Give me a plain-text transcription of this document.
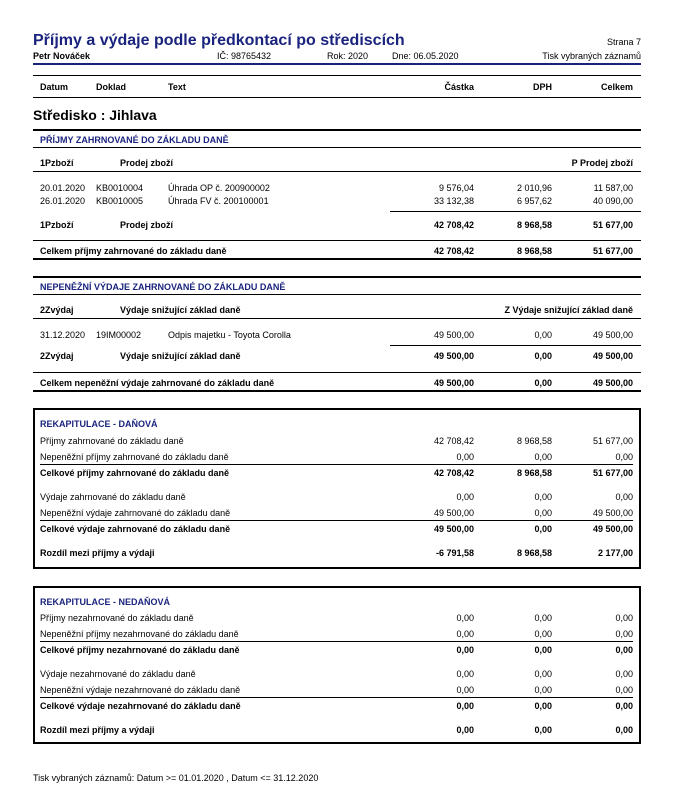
Příjmy a výdaje podle předkontací po střediscích	Strana 7
Petr Nováček	IČ: 98765432	Rok: 2020	Dne: 06.05.2020	Tisk vybraných záznamů
Datum	Doklad	Text	Částka	DPH	Celkem
Středisko : Jihlava
PŘÍJMY ZAHRNOVANÉ DO ZÁKLADU DANĚ
1Pzboží	Prodej zboží	P Prodej zboží
20.01.2020 KB0010004	Úhrada OP č. 200900002	9 576,04	2 010,96	11 587,00
26.01.2020 KB0010005	Úhrada FV č. 200100001	33 132,38	6 957,62	40 090,00
1Pzboží	Prodej zboží	42 708,42	8 968,58	51 677,00
Celkem příjmy zahrnované do základu daně	42 708,42	8 968,58	51 677,00
NEPENĚŽNÍ VÝDAJE ZAHRNOVANÉ DO ZÁKLADU DANĚ
2Zvýdaj	Výdaje snižující základ daně	Z Výdaje snižující základ daně
31.12.2020 19IM00002	Odpis majetku - Toyota Corolla	49 500,00	0,00	49 500,00
2Zvýdaj	Výdaje snižující základ daně	49 500,00	0,00	49 500,00
Celkem nepeněžní výdaje zahrnované do základu daně	49 500,00	0,00	49 500,00
REKAPITULACE - DAŇOVÁ
Příjmy zahrnované do základu daně	42 708,42	8 968,58	51 677,00
Nepeněžní příjmy zahrnované do základu daně	0,00	0,00	0,00
Celkové příjmy zahrnované do základu daně	42 708,42	8 968,58	51 677,00
Výdaje zahrnované do základu daně	0,00	0,00	0,00
Nepeněžní výdaje zahrnované do základu daně	49 500,00	0,00	49 500,00
Celkové výdaje zahrnované do základu daně	49 500,00	0,00	49 500,00
Rozdíl mezi příjmy a výdaji	-6 791,58	8 968,58	2 177,00
REKAPITULACE - NEDAŇOVÁ
Příjmy nezahrnované do základu daně	0,00	0,00	0,00
Nepeněžní příjmy nezahrnované do základu daně	0,00	0,00	0,00
Celkové příjmy nezahrnované do základu daně	0,00	0,00	0,00
Výdaje nezahrnované do základu daně	0,00	0,00	0,00
Nepeněžní výdaje nezahrnované do základu daně	0,00	0,00	0,00
Celkové výdaje nezahrnované do základu daně	0,00	0,00	0,00
Rozdíl mezi příjmy a výdaji	0,00	0,00	0,00
Tisk vybraných záznamů: Datum >= 01.01.2020 , Datum <= 31.12.2020
